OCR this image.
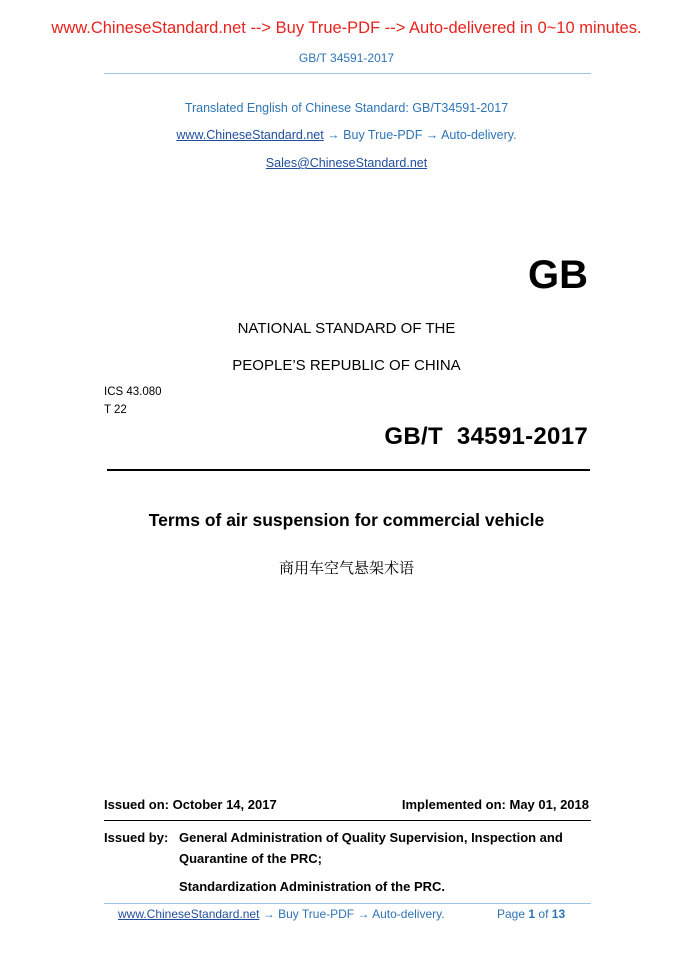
www.ChineseStandard.net --> Buy True-PDF --> Auto-delivered in 0~10 minutes.
GB/T 34591-2017
Translated English of Chinese Standard: GB/T34591-2017
www.ChineseStandard.net → Buy True-PDF → Auto-delivery.
Sales@ChineseStandard.net
GB
NATIONAL STANDARD OF THE
PEOPLE’S REPUBLIC OF CHINA
ICS 43.080
T 22
GB/T  34591-2017
Terms of air suspension for commercial vehicle
商用车空气悬架术语
Issued on: October 14, 2017	Implemented on: May 01, 2018
Issued by: General Administration of Quality Supervision, Inspection and
Quarantine of the PRC;
Standardization Administration of the PRC.
www.ChineseStandard.net → Buy True-PDF → Auto-delivery.	Page 1 of 13
